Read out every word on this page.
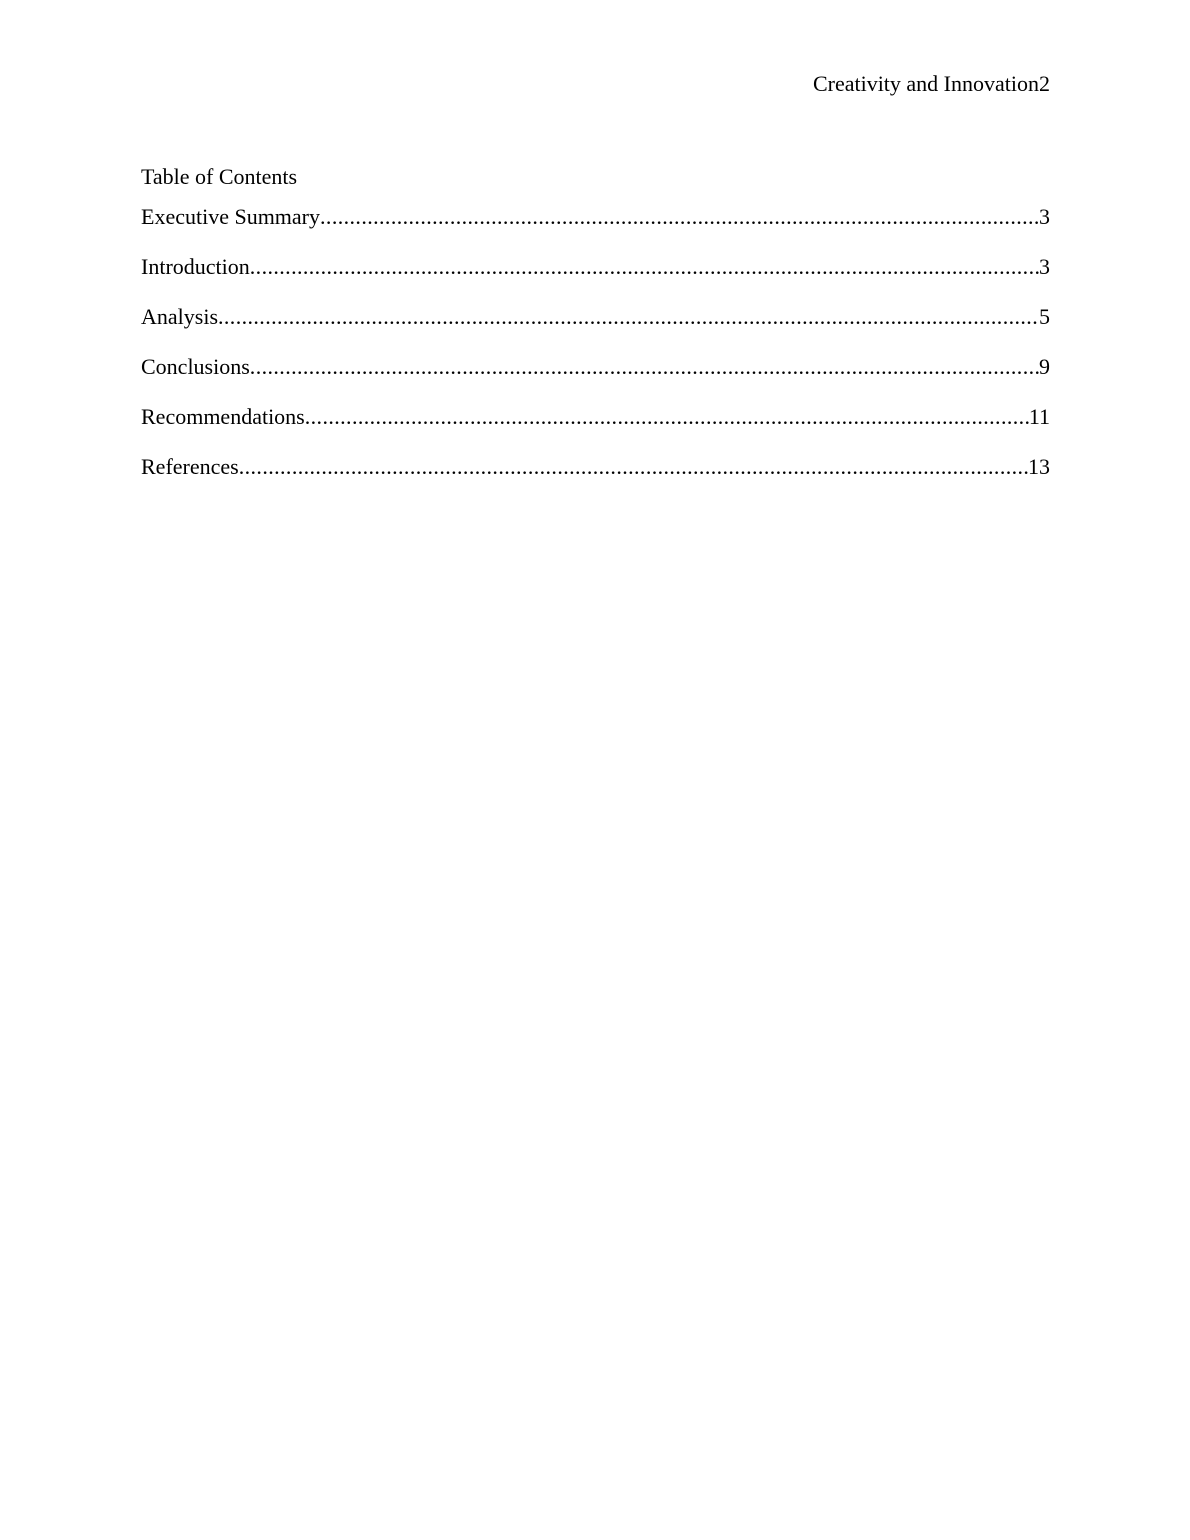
Creativity and Innovation2
Table of Contents
Executive Summary .....	3
Introduction .....	3
Analysis .....	5
Conclusions .....	9
Recommendations .....	11
References .....	13
